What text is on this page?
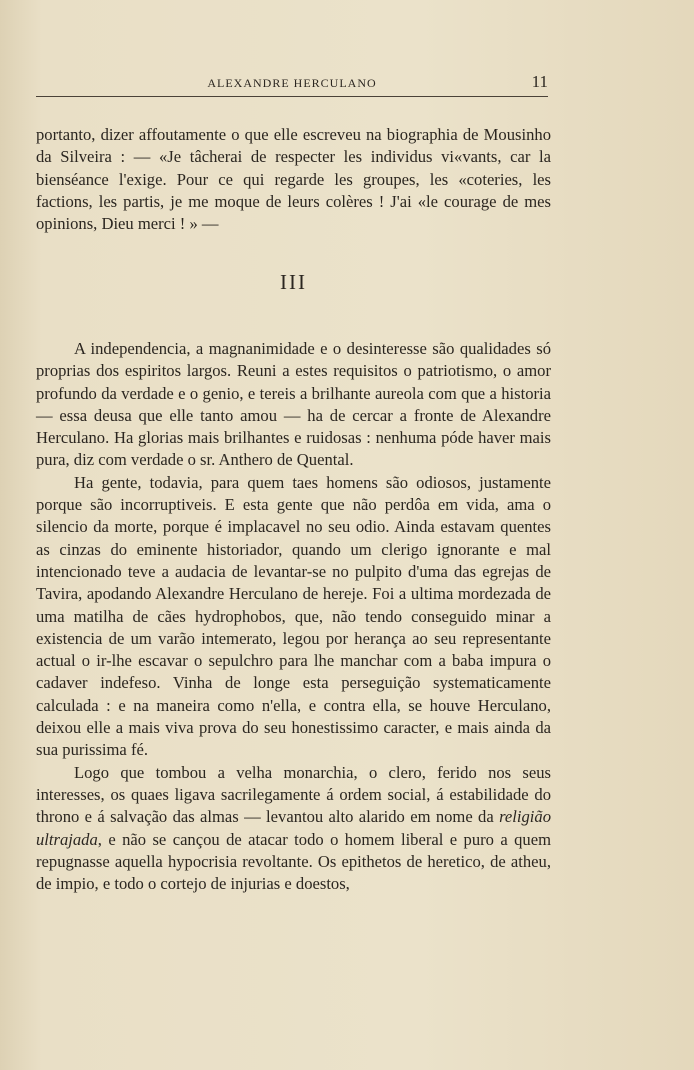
ALEXANDRE HERCULANO	11

portanto, dizer affoutamente o que elle escreveu na biographia de Mousinho da Silveira : — «Je tâcherai de respecter les individus vi«vants, car la bienséance l'exige. Pour ce qui regarde les groupes, les «coteries, les factions, les partis, je me moque de leurs colères ! J'ai «le courage de mes opinions, Dieu merci ! » —

III

A independencia, a magnanimidade e o desinteresse são qualidades só proprias dos espiritos largos. Reuni a estes requisitos o patriotismo, o amor profundo da verdade e o genio, e tereis a brilhante aureola com que a historia — essa deusa que elle tanto amou — ha de cercar a fronte de Alexandre Herculano. Ha glorias mais brilhantes e ruidosas : nenhuma póde haver mais pura, diz com verdade o sr. Anthero de Quental.

Ha gente, todavia, para quem taes homens são odiosos, justamente porque são incorruptiveis. E esta gente que não perdôa em vida, ama o silencio da morte, porque é implacavel no seu odio. Ainda estavam quentes as cinzas do eminente historiador, quando um clerigo ignorante e mal intencionado teve a audacia de levantar-se no pulpito d'uma das egrejas de Tavira, apodando Alexandre Herculano de hereje. Foi a ultima mordezada de uma matilha de cães hydrophobos, que, não tendo conseguido minar a existencia de um varão intemerato, legou por herança ao seu representante actual o ir-lhe escavar o sepulchro para lhe manchar com a baba impura o cadaver indefeso. Vinha de longe esta perseguição systematicamente calculada : e na maneira como n'ella, e contra ella, se houve Herculano, deixou elle a mais viva prova do seu honestissimo caracter, e mais ainda da sua purissima fé.

Logo que tombou a velha monarchia, o clero, ferido nos seus interesses, os quaes ligava sacrilegamente á ordem social, á estabilidade do throno e á salvação das almas — levantou alto alarido em nome da religião ultrajada, e não se cançou de atacar todo o homem liberal e puro a quem repugnasse aquella hypocrisia revoltante. Os epithetos de heretico, de atheu, de impio, e todo o cortejo de injurias e doestos,
